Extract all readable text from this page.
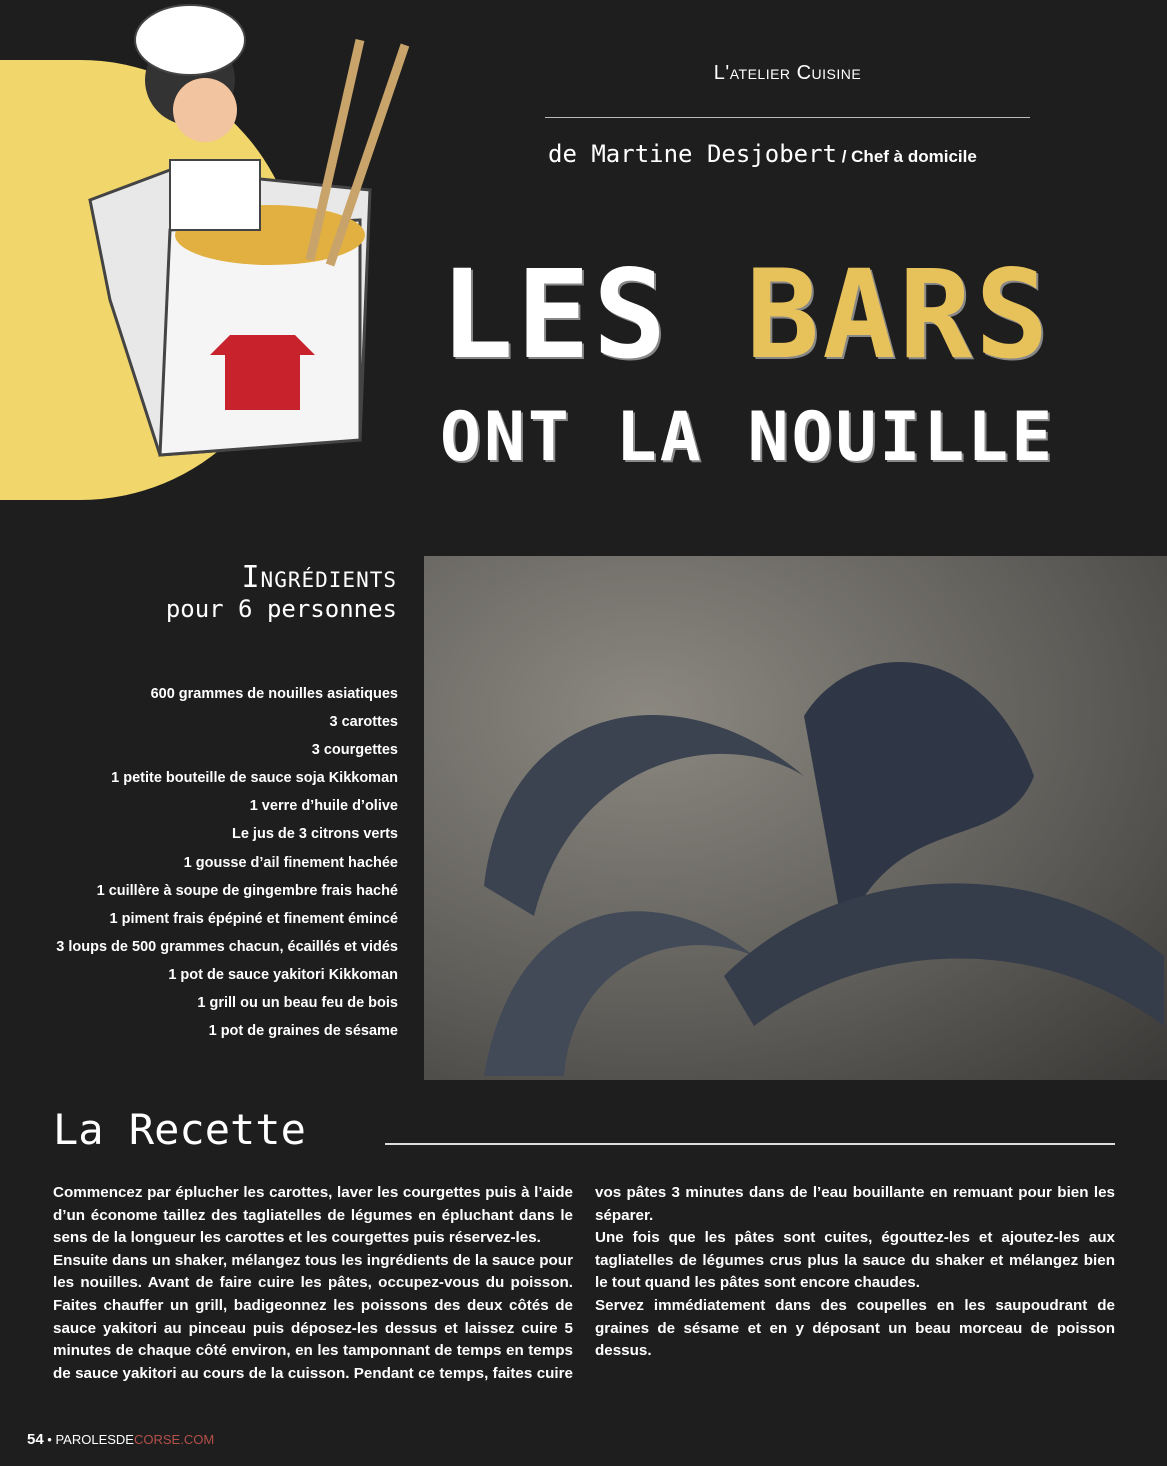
L'atelier Cuisine
de Martine Desjobert / Chef à domicile
LES BARS
ONT LA NOUILLE
Ingrédients
pour 6 personnes
600 grammes de nouilles asiatiques
3 carottes
3 courgettes
1 petite bouteille de sauce soja Kikkoman
1 verre d’huile d’olive
Le jus de 3 citrons verts
1 gousse d’ail finement hachée
1 cuillère à soupe de gingembre frais haché
1 piment frais épépiné et finement émincé
3 loups de 500 grammes chacun, écaillés et vidés
1 pot de sauce yakitori Kikkoman
1 grill ou un beau feu de bois
1 pot de graines de sésame
La Recette

Commencez par éplucher les carottes, laver les courgettes puis à l’aide d’un économe taillez des tagliatelles de légumes en épluchant dans le sens de la longueur les carottes et les courgettes puis réservez-les.

Ensuite dans un shaker, mélangez tous les ingrédients de la sauce pour les nouilles. Avant de faire cuire les pâtes, occupez-vous du poisson. Faites chauffer un grill, badigeonnez les poissons des deux côtés de sauce yakitori au pinceau puis déposez-les dessus et laissez cuire 5 minutes de chaque côté environ, en les tamponnant de temps en temps de sauce yakitori au cours de la cuisson. Pendant ce temps, faites cuire vos pâtes 3 minutes dans de l’eau bouillante en remuant pour bien les séparer.

Une fois que les pâtes sont cuites, égouttez-les et ajoutez-les aux tagliatelles de légumes crus plus la sauce du shaker et mélangez bien le tout quand les pâtes sont encore chaudes.

Servez immédiatement dans des coupelles en les saupoudrant de graines de sésame et en y déposant un beau morceau de poisson dessus.

54 • PAROLESDECORSE.COM
